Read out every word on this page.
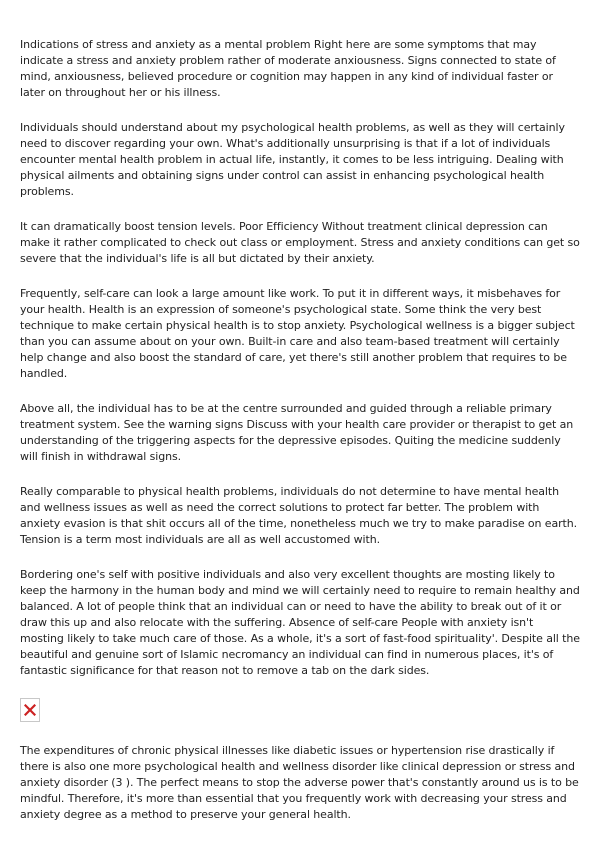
Indications of stress and anxiety as a mental problem Right here are some symptoms that may indicate a stress and anxiety problem rather of moderate anxiousness. Signs connected to state of mind, anxiousness, believed procedure or cognition may happen in any kind of individual faster or later on throughout her or his illness.

Individuals should understand about my psychological health problems, as well as they will certainly need to discover regarding your own. What's additionally unsurprising is that if a lot of individuals encounter mental health problem in actual life, instantly, it comes to be less intriguing. Dealing with physical ailments and obtaining signs under control can assist in enhancing psychological health problems.

It can dramatically boost tension levels. Poor Efficiency Without treatment clinical depression can make it rather complicated to check out class or employment. Stress and anxiety conditions can get so severe that the individual's life is all but dictated by their anxiety.

Frequently, self-care can look a large amount like work. To put it in different ways, it misbehaves for your health. Health is an expression of someone's psychological state. Some think the very best technique to make certain physical health is to stop anxiety. Psychological wellness is a bigger subject than you can assume about on your own. Built-in care and also team-based treatment will certainly help change and also boost the standard of care, yet there's still another problem that requires to be handled.

Above all, the individual has to be at the centre surrounded and guided through a reliable primary treatment system. See the warning signs Discuss with your health care provider or therapist to get an understanding of the triggering aspects for the depressive episodes. Quiting the medicine suddenly will finish in withdrawal signs.

Really comparable to physical health problems, individuals do not determine to have mental health and wellness issues as well as need the correct solutions to protect far better. The problem with anxiety evasion is that shit occurs all of the time, nonetheless much we try to make paradise on earth. Tension is a term most individuals are all as well accustomed with.

Bordering one's self with positive individuals and also very excellent thoughts are mosting likely to keep the harmony in the human body and mind we will certainly need to require to remain healthy and balanced. A lot of people think that an individual can or need to have the ability to break out of it or draw this up and also relocate with the suffering. Absence of self-care People with anxiety isn't mosting likely to take much care of those. As a whole, it's a sort of fast-food spirituality'. Despite all the beautiful and genuine sort of Islamic necromancy an individual can find in numerous places, it's of fantastic significance for that reason not to remove a tab on the dark sides.

The expenditures of chronic physical illnesses like diabetic issues or hypertension rise drastically if there is also one more psychological health and wellness disorder like clinical depression or stress and anxiety disorder (3 ). The perfect means to stop the adverse power that's constantly around us is to be mindful. Therefore, it's more than essential that you frequently work with decreasing your stress and anxiety degree as a method to preserve your general health.
